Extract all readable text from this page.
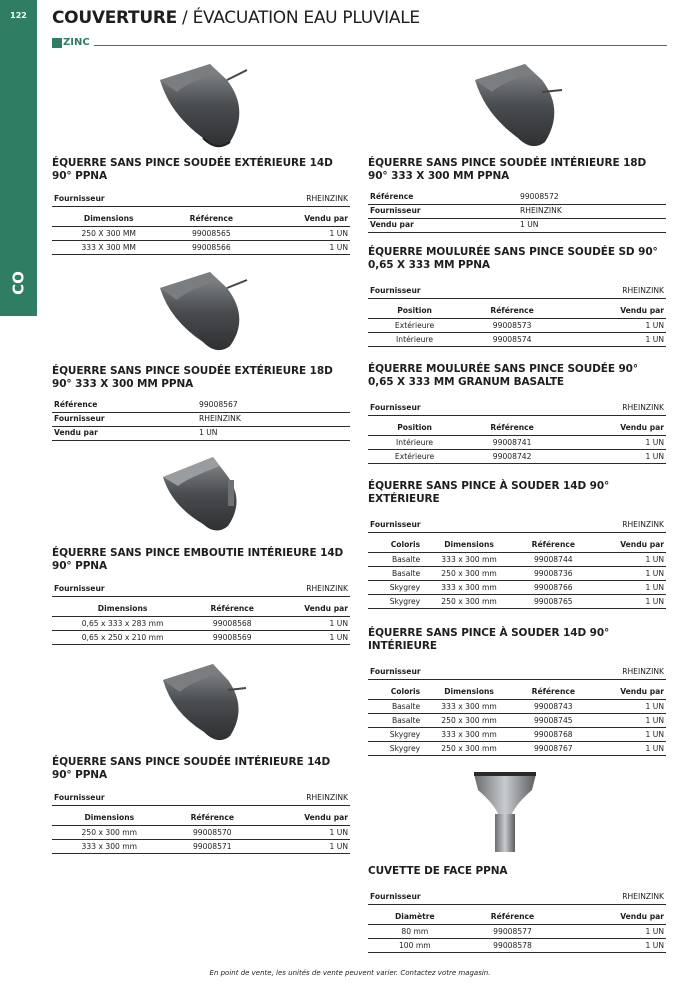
122
CO
COUVERTURE / ÉVACUATION EAU PLUVIALE
ZINC
ÉQUERRE SANS PINCE SOUDÉE EXTÉRIEURE 14D 90° PPNA
Fournisseur	RHEINZINK
Dimensions	Référence	Vendu par
250 X 300 MM	99008565	1 UN
333 X 300 MM	99008566	1 UN
ÉQUERRE SANS PINCE SOUDÉE EXTÉRIEURE 18D 90° 333 X 300 MM PPNA
Référence	99008567
Fournisseur	RHEINZINK
Vendu par	1 UN
ÉQUERRE SANS PINCE EMBOUTIE INTÉRIEURE 14D 90° PPNA
Fournisseur	RHEINZINK
Dimensions	Référence	Vendu par
0,65 x 333 x 283 mm	99008568	1 UN
0,65 x 250 x 210 mm	99008569	1 UN
ÉQUERRE SANS PINCE SOUDÉE INTÉRIEURE 14D 90° PPNA
Fournisseur	RHEINZINK
Dimensions	Référence	Vendu par
250 x 300 mm	99008570	1 UN
333 x 300 mm	99008571	1 UN
ÉQUERRE SANS PINCE SOUDÉE INTÉRIEURE 18D 90° 333 X 300 MM PPNA
Référence	99008572
Fournisseur	RHEINZINK
Vendu par	1 UN
ÉQUERRE MOULURÉE SANS PINCE SOUDÉE SD 90° 0,65 X 333 MM PPNA
Fournisseur	RHEINZINK
Position	Référence	Vendu par
Extérieure	99008573	1 UN
Intérieure	99008574	1 UN
ÉQUERRE MOULURÉE SANS PINCE SOUDÉE 90° 0,65 X 333 MM GRANUM BASALTE
Fournisseur	RHEINZINK
Position	Référence	Vendu par
Intérieure	99008741	1 UN
Extérieure	99008742	1 UN
ÉQUERRE SANS PINCE À SOUDER 14D 90° EXTÉRIEURE
Fournisseur	RHEINZINK
Coloris	Dimensions	Référence	Vendu par
Basalte	333 x 300 mm	99008744	1 UN
Basalte	250 x 300 mm	99008736	1 UN
Skygrey	333 x 300 mm	99008766	1 UN
Skygrey	250 x 300 mm	99008765	1 UN
ÉQUERRE SANS PINCE À SOUDER 14D 90° INTÉRIEURE
Fournisseur	RHEINZINK
Coloris	Dimensions	Référence	Vendu par
Basalte	333 x 300 mm	99008743	1 UN
Basalte	250 x 300 mm	99008745	1 UN
Skygrey	333 x 300 mm	99008768	1 UN
Skygrey	250 x 300 mm	99008767	1 UN
CUVETTE DE FACE PPNA
Fournisseur	RHEINZINK
Diamètre	Référence	Vendu par
80 mm	99008577	1 UN
100 mm	99008578	1 UN
En point de vente, les unités de vente peuvent varier. Contactez votre magasin.
